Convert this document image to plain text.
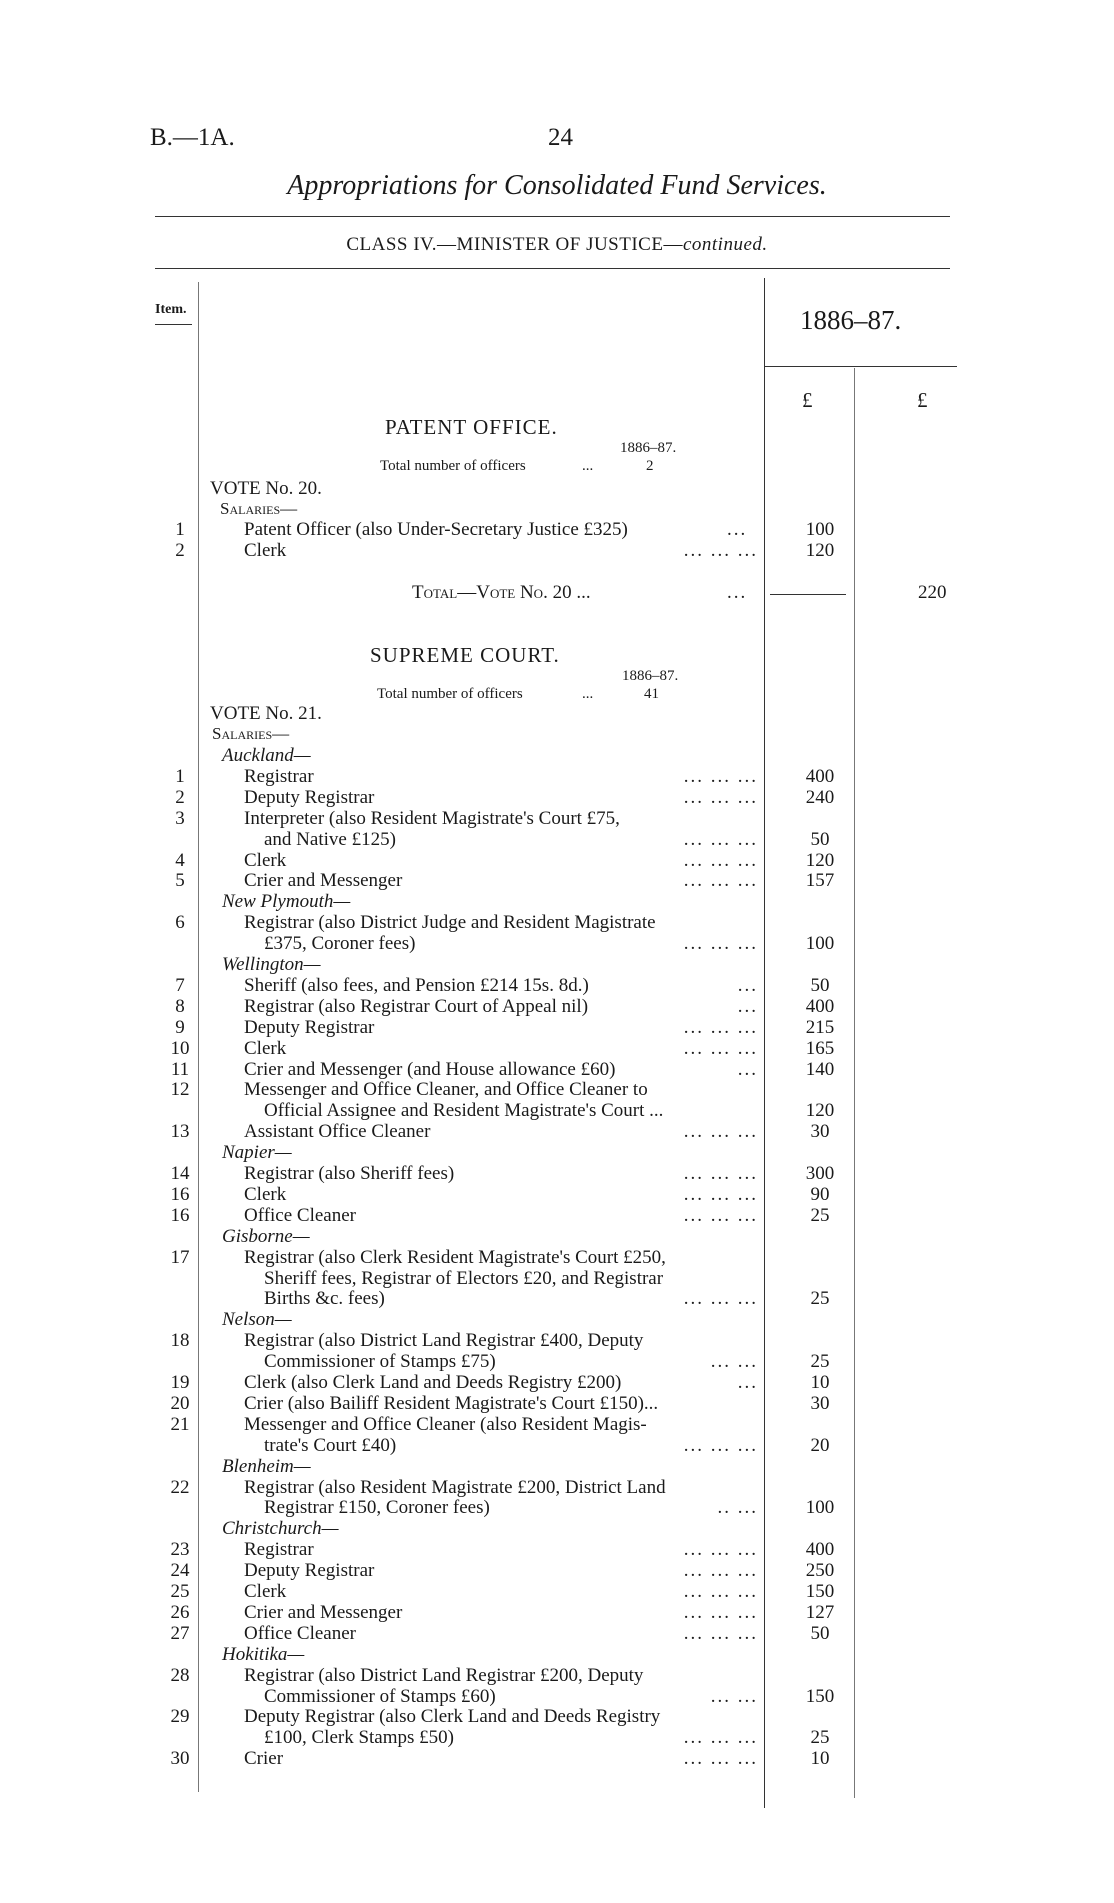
B.—1A.	24
Appropriations for Consolidated Fund Services.
CLASS IV.—MINISTER OF JUSTICE—continued.
Item.	1886–87.
£	£
PATENT OFFICE.
1886–87.
Total number of officers	...	2
VOTE No. 20.
Salaries—
1	Patent Officer (also Under-Secretary Justice £325)	...	100
2	Clerk	... ... ...	120
Total—Vote No. 20 ...	...	220
SUPREME COURT.
1886–87.
Total number of officers	...	41
VOTE No. 21.
Salaries—
Auckland—
1	Registrar	... ... ...	400
2	Deputy Registrar	... ... ...	240
3	Interpreter (also Resident Magistrate's Court £75,
and Native £125)	... ... ...	50
4	Clerk	... ... ...	120
5	Crier and Messenger	... ... ...	157
New Plymouth—
6	Registrar (also District Judge and Resident Magistrate
£375, Coroner fees)	... ... ...	100
Wellington—
7	Sheriff (also fees, and Pension £214 15s. 8d.)	...	50
8	Registrar (also Registrar Court of Appeal nil)	...	400
9	Deputy Registrar	... ... ...	215
10	Clerk	... ... ...	165
11	Crier and Messenger (and House allowance £60)	...	140
12	Messenger and Office Cleaner, and Office Cleaner to
Official Assignee and Resident Magistrate's Court ...	120
13	Assistant Office Cleaner	... ... ...	30
Napier—
14	Registrar (also Sheriff fees)	... ... ...	300
16	Clerk	... ... ...	90
16	Office Cleaner	... ... ...	25
Gisborne—
17	Registrar (also Clerk Resident Magistrate's Court £250,
Sheriff fees, Registrar of Electors £20, and Registrar
Births &c. fees)	... ... ...	25
Nelson—
18	Registrar (also District Land Registrar £400, Deputy
Commissioner of Stamps £75)	... ...	25
19	Clerk (also Clerk Land and Deeds Registry £200)	...	10
20	Crier (also Bailiff Resident Magistrate's Court £150)...	30
21	Messenger and Office Cleaner (also Resident Magis-
trate's Court £40)	... ... ...	20
Blenheim—
22	Registrar (also Resident Magistrate £200, District Land
Registrar £150, Coroner fees)	.. ...	100
Christchurch—
23	Registrar	... ... ...	400
24	Deputy Registrar	... ... ...	250
25	Clerk	... ... ...	150
26	Crier and Messenger	... ... ...	127
27	Office Cleaner	... ... ...	50
Hokitika—
28	Registrar (also District Land Registrar £200, Deputy
Commissioner of Stamps £60)	... ...	150
29	Deputy Registrar (also Clerk Land and Deeds Registry
£100, Clerk Stamps £50)	... ... ...	25
30	Crier	... ... ...	10
